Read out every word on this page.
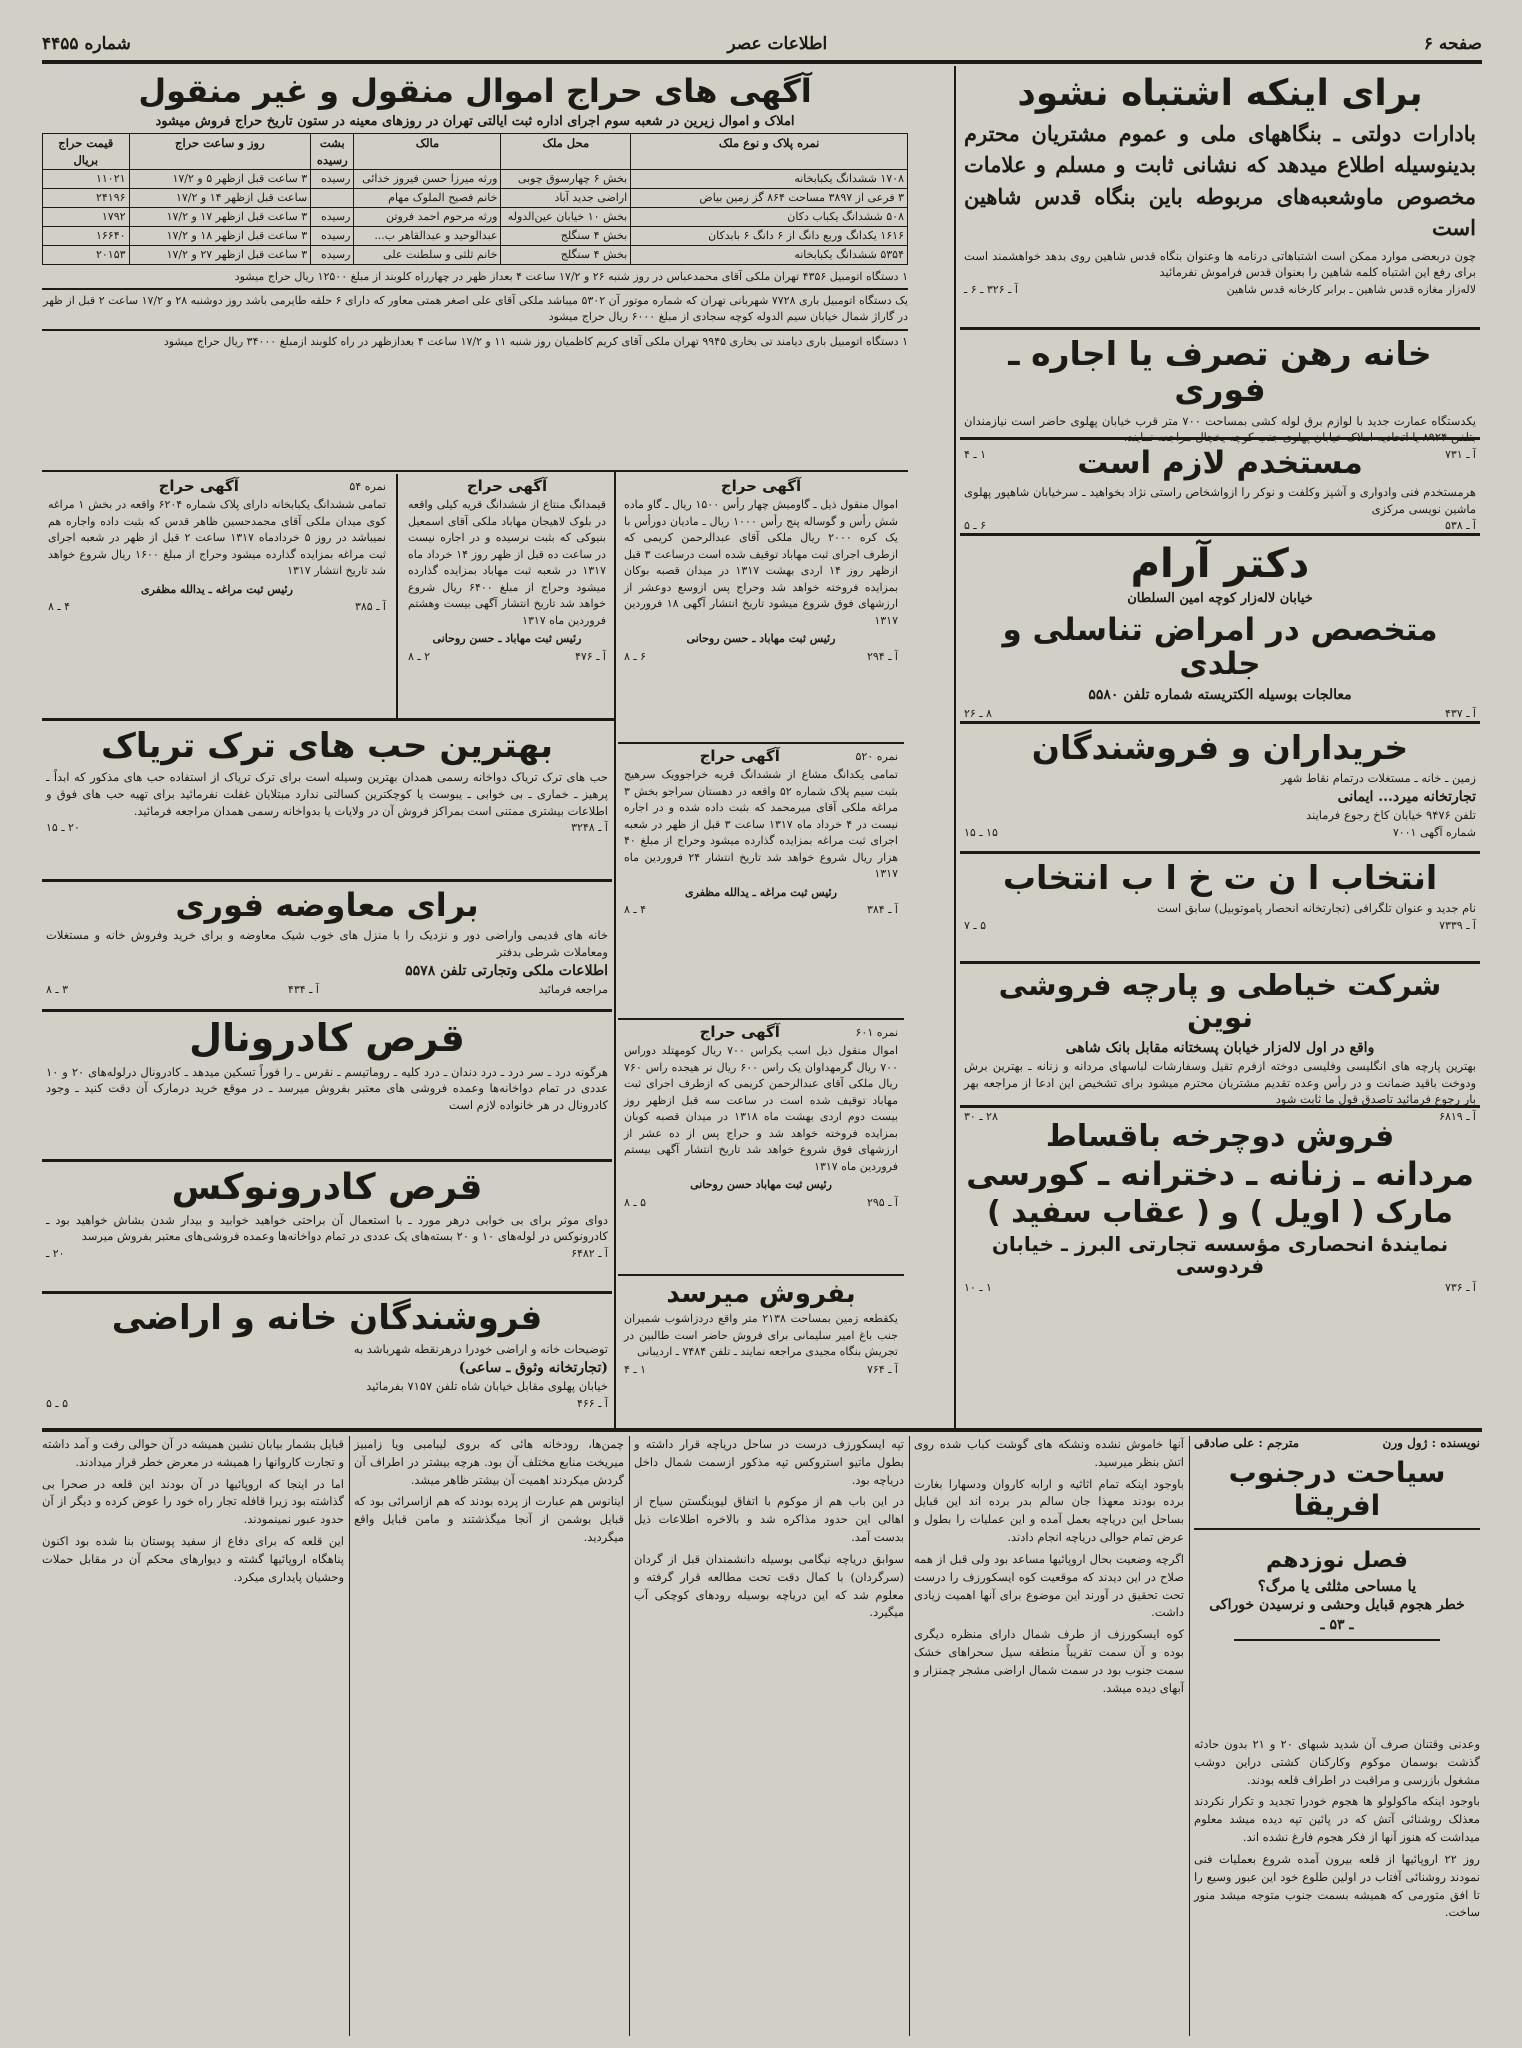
صفحه ۶
اطلاعات عصر
شماره ۴۴۵۵
برای اینکه اشتباه نشود

بادارات دولتی ـ بنگاههای ملی و عموم مشتریان محترم بدینوسیله اطلاع میدهد که نشانی ثابت و مسلم و علامات مخصوص ماوشعبه‌های مربوطه باین بنگاه قدس شاهین است

چون دربعضی موارد ممکن است اشتباهاتی درنامه ها وعنوان بنگاه قدس شاهین روی بدهد خواهشمند است برای رفع این اشتباه کلمه شاهین را بعنوان قدس فراموش نفرمائید

لاله‌زار مغازه قدس شاهین ـ برابر کارخانه قدس شاهین
آ ـ ۳۲۶ ـ ۶ ـ
خانه رهن تصرف یا اجاره ـ فوری

یکدستگاه عمارت جدید با لوازم برق لوله کشی بمساحت ۷۰۰ متر قرب خیابان پهلوی حاضر است نیازمندان بتلفن ۸۹۲۴ یا اتحادیه املاک خیابان پهلوی جنب کوچه یخچال مراجعه نمایند.

آ ـ ۷۳۱
۱ ـ ۴	مستخدم لازم است

هرمستخدم فنی وادواری و آشپز وکلفت و نوکر را ازواشخاص راستی نژاد بخواهید ـ سرخیابان شاهپور پهلوی ماشین نویسی مرکزی

آ ـ ۵۳۸
۶ ـ ۵
دکتر آرام

خیابان لاله‌زار کوچه امین السلطان

متخصص در امراض تناسلی و جلدی

معالجات بوسیله الکتریسته شماره تلفن ۵۵۸۰

آ ـ ۴۳۷
۸ ـ ۲۶
خریداران و فروشندگان

زمین ـ خانه ـ مستغلات درتمام نقاط شهر

تجارتخانه میرد... ایمانی

تلفن ۹۴۷۶ خیابان کاخ رجوع فرمایند

شماره آگهی ۷۰۰۱
۱۵ ـ ۱۵
انتخاب ا ن ت خ ا ب انتخاب

نام جدید و عنوان تلگرافی (تجارتخانه انحصار پاموتوبیل) سابق است

آ ـ ۷۳۳۹
۵ ـ ۷
شرکت خیاطی و پارچه فروشی نوین

واقع در اول لاله‌زار خیابان پسختانه مقابل بانک شاهی

بهترین پارچه های انگلیسی وفلیسی دوخته ازفرم تقیل وسفارشات لباسهای مردانه و زنانه ـ بهترین برش ودوخت باقید ضمانت و در رأس وعده تقدیم مشتریان محترم میشود برای تشخیص این ادعا از مراجعه بهر بار رجوع فرمائید تاصدق قول ما ثابت شود

آ ـ ۶۸۱۹
۲۸ ـ ۳۰
فروش دوچرخه باقساط
مردانه ـ زنانه ـ دخترانه ـ کورسی
مارک ( اویل ) و ( عقاب سفید )
نمایندۀ انحصاری مؤسسه تجارتی البرز ـ خیابان فردوسی
آ ـ ۷۳۶
۱ ـ ۱۰
آگهی های حراج اموال منقول و غیر منقول

املاک و اموال زیرین در شعبه سوم اجرای اداره ثبت ایالتی تهران در روزهای معینه در ستون تاریخ حراج فروش میشود

نمره پلاک و نوع ملک	محل ملک	مالک	بشت رسیده	روز و ساعت حراج	قیمت حراج بریال
۱۷۰۸ ششدانگ یکبابخانه	بخش ۶ چهارسوق چوبی	ورثه میرزا حسن فیروز خدائی	رسیده	۳ ساعت قبل ازظهر ۵ و ۱۷/۲	۱۱۰۲۱
۳ فرعی از ۳۸۹۷ مساحت ۸۶۴ گز زمین بیاض	اراضی جدید آباد	خانم فصیح الملوک مهام		ساعت قبل ازظهر ۱۴ و ۱۷/۲	۲۴۱۹۶
۵۰۸ ششدانگ یکباب دکان	بخش ۱۰ خیابان عین‌الدوله	ورثه مرحوم احمد فروتن	رسیده	۳ ساعت قبل ازظهر ۱۷ و ۱۷/۲	۱۷۹۲
۱۶۱۶ یکدانگ وربع دانگ از ۶ دانگ ۶ بابدکان	بخش ۴ سنگلج	عبدالوحید و عبدالقاهر ب...	رسیده	۳ ساعت قبل ازظهر ۱۸ و ۱۷/۲	۱۶۶۴۰
۵۳۵۴ ششدانگ یکبابخانه	بخش ۴ سنگلج	خانم ثلثی و سلطنت علی	رسیده	۳ ساعت قبل ازظهر ۲۷ و ۱۷/۲	۲۰۱۵۳

۱ دستگاه اتومبیل ۴۳۵۶ تهران ملکی آقای محمدعباس در روز شنبه ۲۶ و ۱۷/۲ ساعت ۴ بعداز ظهر در چهارراه کلوبند از مبلغ ۱۲۵۰۰ ریال حراج میشود

یک دستگاه اتومبیل باری ۷۷۲۸ شهربانی تهران که شماره موتور آن ۵۳۰۲ میباشد ملکی آقای علی اصغر همتی معاور که دارای ۶ حلقه طایرمی باشد روز دوشنبه ۲۸ و ۱۷/۲ ساعت ۲ قبل از ظهر در گاراژ شمال خیابان سیم الدوله کوچه سجادی از مبلغ ۶۰۰۰ ریال حراج میشود

۱ دستگاه اتومبیل باری دیامند تی بخاری ۹۹۴۵ تهران ملکی آقای کریم کاظمیان روز شنبه ۱۱ و ۱۷/۲ ساعت ۴ بعدازظهر در راه کلوبند ازمبلغ ۳۴۰۰۰ ریال حراج میشود

آگهی حراج

اموال منقول ذیل ـ گاومیش چهار رأس ۱۵۰۰ ریال ـ گاو ماده شش رأس و گوساله پنج رأس ۱۰۰۰ ریال ـ مادیان دورأس با یک کره ۲۰۰۰ ریال ملکی آقای عبدالرحمن کریمی که ازطرف اجرای ثبت مهاباد توقیف شده است درساعت ۳ قبل ازظهر روز ۱۴ اردی بهشت ۱۳۱۷ در میدان قصبه بوکان بمزایده فروخته خواهد شد وحراج پس ازوسع دوعشر از ارزشهای فوق شروع میشود تاریخ انتشار آگهی ۱۸ فروردین ۱۳۱۷

رئیس ثبت مهاباد ـ حسن روحانی

آ ـ ۲۹۴
۶ ـ ۸
نمره ۵۲۰
آگهی حراج

تمامی یکدانگ مشاع از ششدانگ قریه خراجوویک سرهیج بثبت سیم پلاک شماره ۵۲ واقعه در دهستان سراجو بخش ۳ مراغه ملکی آقای میرمحمد که بثبت داده شده و در اجاره نیست در ۴ خرداد ماه ۱۳۱۷ ساعت ۳ قبل از ظهر در شعبه اجرای ثبت مراغه بمزایده گذارده میشود وحراج از مبلغ ۴۰ هزار ریال شروع خواهد شد تاریخ انتشار ۲۴ فروردین ماه ۱۳۱۷

رئیس ثبت مراغه ـ یدالله مظفری

آ ـ ۳۸۴
۴ ـ ۸
نمره ۶۰۱
آگهی حراج

اموال منقول ذیل اسب یکراس ۷۰۰ ریال کومهتلد دوراس ۷۰۰ ریال گرمهداوان یک راس ۶۰۰ ریال نر هیجده راس ۷۶۰ ریال ملکی آقای عبدالرحمن کریمی که ازطرف اجرای ثبت مهاباد توقیف شده است در ساعت سه قبل ازظهر روز بیست دوم اردی بهشت ماه ۱۳۱۸ در میدان قصبه کوبان بمزایده فروخته خواهد شد و حراج پس از ده عشر از ارزشهای فوق شروع خواهد شد تاریخ انتشار آگهی بیستم فروردین ماه ۱۳۱۷

رئیس ثبت مهاباد حسن روحانی

آ ـ ۲۹۵
۵ ـ ۸
بفروش میرسد

یکقطعه زمین بمساحت ۲۱۳۸ متر واقع دردزاشوب شمیران جنب باغ امیر سلیمانی برای فروش حاضر است طالبین در تجریش بنگاه مجیدی مراجعه نمایند ـ تلفن ۷۴۸۴ ـ اردیبانی

آ ـ ۷۶۴
۱ ـ ۴
آگهی حراج

قیمدانگ منتاع از ششدانگ قریه کیلی واقعه در بلوک لاهیجان مهاباد ملکی آقای اسمعیل بنیوکی که بثبت نرسیده و در اجاره نیست در ساعت ده قبل از ظهر روز ۱۴ خرداد ماه ۱۳۱۷ در شعبه ثبت مهاباد بمزایده گذارده میشود وحراج از مبلغ ۶۴۰۰ ریال شروع خواهد شد تاریخ انتشار آگهی بیست وهشتم فروردین ماه ۱۳۱۷

رئیس ثبت مهاباد ـ حسن روحانی

آ ـ ۴۷۶
۲ ـ ۸
نمره ۵۴
آگهی حراج

تمامی ششدانگ یکبابخانه دارای پلاک شماره ۶۲۰۴ واقعه در بخش ۱ مراغه کوی میدان ملکی آقای محمدحسین ظاهر قدس که بثبت داده واجاره هم نمیباشد در روز ۵ خردادماه ۱۳۱۷ ساعت ۲ قبل از ظهر در شعبه اجرای ثبت مراغه بمزایده گذارده میشود وحراج از مبلغ ۱۶۰۰ ریال شروع خواهد شد تاریخ انتشار ۱۳۱۷

رئیس ثبت مراغه ـ یدالله مظفری

آ ـ ۳۸۵
۴ ـ ۸
بهترین حب های ترک تریاک

حب های ترک تریاک دواخانه رسمی همدان بهترین وسیله است برای ترک تریاک از استفاده حب های مذکور که ابداً ـ پرهیز ـ خماری ـ بی خوابی ـ یبوست یا کوچکترین کسالتی ندارد مبتلایان غفلت نفرمائید برای تهیه حب های فوق و اطلاعات بیشتری ممتنی است بمراکز فروش آن در ولایات یا بدواخانه رسمی همدان مراجعه فرمائید.

آ ـ ۳۲۴۸
۲۰ ـ ۱۵
برای معاوضه فوری

خانه های قدیمی واراضی دور و نزدیک را با منزل های خوب شیک معاوضه و برای خرید وفروش خانه و مستغلات ومعاملات شرطی بدفتر

اطلاعات ملکی وتجارتی تلفن ۵۵۷۸

مراجعه فرمائید
آ ـ ۴۳۴
۳ ـ ۸
قرص کادرونال

هرگونه درد ـ سر درد ـ درد دندان ـ درد کلیه ـ روماتیسم ـ نقرس ـ را فوراً تسکین میدهد ـ کادرونال درلوله‌های ۲۰ و ۱۰ عددی در تمام دواخانه‌ها وعمده فروشی های معتبر بفروش میرسد ـ در موقع خرید درمارک آن دقت کنید ـ وجود کادرونال در هر خانواده لازم است

قرص کادرونوکس

دوای موثر برای بی خوابی درهر مورد ـ با استعمال آن براحتی خواهید خوابید و بیدار شدن بشاش خواهید بود ـ کادرونوکس در لوله‌های ۱۰ و ۲۰ بسته‌های یک عددی در تمام دواخانه‌ها وعمده فروشی‌های معتبر بفروش میرسد

آ ـ ۶۴۸۲
۲۰ ـ
فروشندگان خانه و اراضی

توضیحات خانه و اراضی خودرا درهرنقطه شهرباشد به

(تجارتخانه وثوق ـ ساعی)

خیابان پهلوی مقابل خیابان شاه تلفن ۷۱۵۷ بفرمائید

آ ـ ۴۶۶
۵ ـ ۵
نویسنده : ژول ورن
مترجم : علی صادقی
سیاحت درجنوب افریقا
فصل نوزدهم

یا مساحی مثلثی یا مرگ؟

خطر هجوم قبایل وحشی و نرسیدن خوراکی

ـ ۵۳ ـ

وعدنی وقتنان صرف آن شدید شبهای ۲۰ و ۲۱ بدون حادثه گذشت بوسمان موکوم وکارکنان کشتی دراین دوشب مشغول بازرسی و مراقبت در اطراف قلعه بودند.

باوجود اینکه ماکولولو ها هجوم خودرا تجدید و تکرار نکردند معذلک روشنائی آتش که در پائین تپه دیده میشد معلوم میداشت که هنوز آنها از فکر هجوم فارغ نشده اند.

روز ۲۲ اروپائیها از قلعه بیرون آمده شروع بعملیات فنی نمودند روشنائی آفتاب در اولین طلوع خود این عبور وسیع را تا افق متورمی که همیشه بسمت جنوب متوجه میشد منور ساخت.

آنها خاموش نشده ونشکه های گوشت کباب شده روی اتش بنظر میرسید.

باوجود اینکه تمام اثاثیه و ارابه کاروان ودسهارا بغارت برده بودند معهذا جان سالم بدر برده اند این قبایل بساحل این دریاچه بعمل آمده و این عملیات را بطول و عرض تمام حوالی دریاچه انجام دادند.

اگرچه وضعیت بحال اروپائیها مساعد بود ولی قبل از همه صلاح در این دیدند که موقعیت کوه ایسکورزف را درست تحت تحقیق در آورند این موضوع برای آنها اهمیت زیادی داشت.

کوه ایسکورزف از طرف شمال دارای منظره دیگری بوده و آن سمت تقریباً منطقه سیل سحراهای خشک سمت جنوب بود در سمت شمال اراضی مشجر چمنزار و آبهای دیده میشد.

تپه ایسکورزف درست در ساحل دریاچه قرار داشته و بطول ماتیو استروکس تپه مذکور ازسمت شمال داخل دریاچه بود.

در این باب هم از موکوم با اتفاق لیوینگستن سیاح از اهالی این حدود مذاکره شد و بالاخره اطلاعات ذیل بدست آمد.

سوابق دریاچه نیگامی بوسیله دانشمندان قبل از گردان (سرگردان) با کمال دقت تحت مطالعه قرار گرفته و معلوم شد که این دریاچه بوسیله رودهای کوچکی آب میگیرد.

چمن‌ها، رودخانه هائی که بروی لیبامبی ویا زامبیز میریخت منابع مختلف آن بود. هرچه بیشتر در اطراف آن گردش میکردند اهمیت آن بیشتر ظاهر میشد.

اینانوس هم عبارت از پرده بودند که هم ازاسرائی بود که قبایل بوشمن از آنجا میگذشتند و مامن قبایل واقع میگردید.

قبایل بشمار بیابان نشین همیشه در آن حوالی رفت و آمد داشته و تجارت کاروانها را همیشه در معرض خطر قرار میدادند.

اما در اینجا که اروپائیها در آن بودند این قلعه در صحرا بی گذاشته بود زیرا قافله تجار راه خود را عوض کرده و دیگر از آن حدود عبور نمینمودند.

این قلعه که برای دفاع از سفید پوستان بنا شده بود اکنون پناهگاه اروپائیها گشته و دیوارهای محکم آن در مقابل حملات وحشیان پایداری میکرد.
